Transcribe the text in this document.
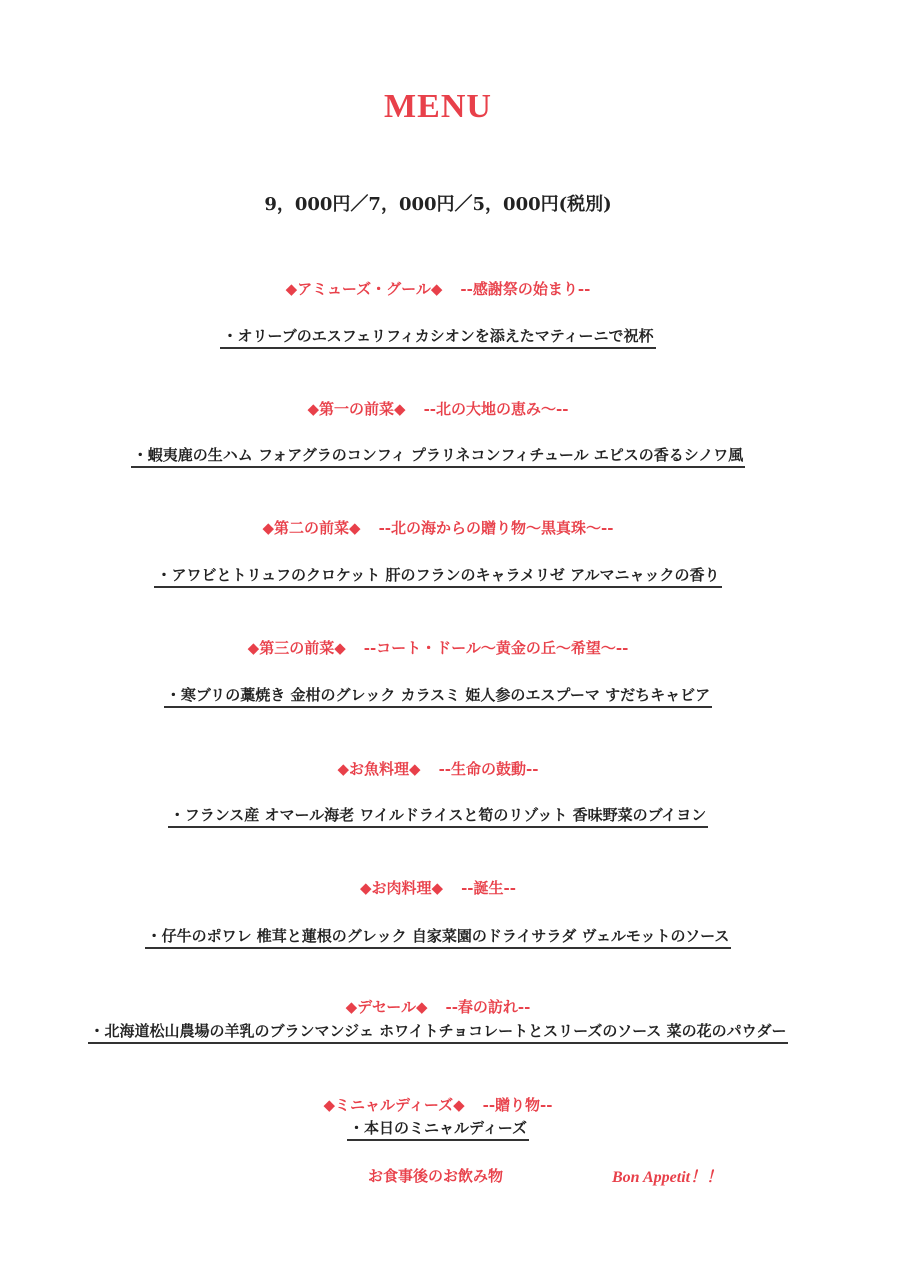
MENU
9，000円／7，000円／5，000円(税別)
◆アミューズ・グール◆ --感謝祭の始まり--
・オリーブのエスフェリフィカシオンを添えたマティーニで祝杯
◆第一の前菜◆ --北の大地の恵み～--
・蝦夷鹿の生ハム フォアグラのコンフィ プラリネコンフィチュール エピスの香るシノワ風
◆第二の前菜◆ --北の海からの贈り物～黒真珠～--
・アワビとトリュフのクロケット 肝のフランのキャラメリゼ アルマニャックの香り
◆第三の前菜◆ --コート・ドール～黄金の丘～希望～--
・寒ブリの藁焼き 金柑のグレック カラスミ 姫人参のエスプーマ すだちキャビア
◆お魚料理◆ --生命の鼓動--
・フランス産 オマール海老 ワイルドライスと筍のリゾット 香味野菜のブイヨン
◆お肉料理◆ --誕生--
・仔牛のポワレ 椎茸と蓮根のグレック 自家菜園のドライサラダ ヴェルモットのソース
◆デセール◆ --春の訪れ--
・北海道松山農場の羊乳のブランマンジェ ホワイトチョコレートとスリーズのソース 菜の花のパウダー
◆ミニャルディーズ◆ --贈り物--
・本日のミニャルディーズ
お食事後のお飲み物	Bon Appetit！！
